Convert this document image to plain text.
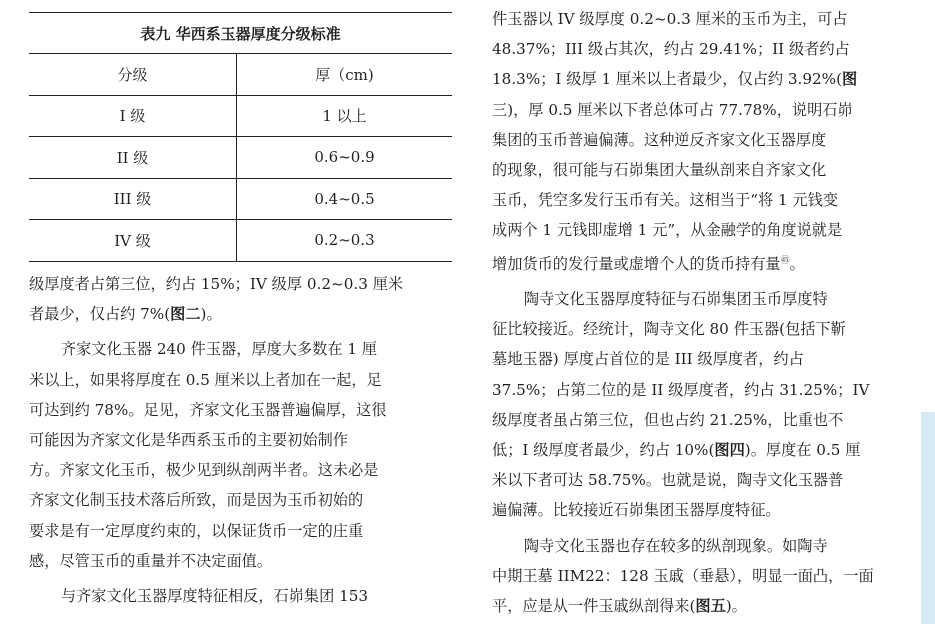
表九 华西系玉器厚度分级标准	
分级	厚（cm)
I 级	1 以上
II 级	0.6~0.9
III 级	0.4~0.5
IV 级	0.2~0.3

级厚度者占第三位，约占 15%；IV 级厚 0.2~0.3 厘米

者最少，仅占约 7%(图二)。

齐家文化玉器 240 件玉器，厚度大多数在 1 厘

米以上，如果将厚度在 0.5 厘米以上者加在一起，足

可达到约 78%。足见，齐家文化玉器普遍偏厚，这很

可能因为齐家文化是华西系玉币的主要初始制作

方。齐家文化玉币，极少见到纵剖两半者。这未必是

齐家文化制玉技术落后所致，而是因为玉币初始的

要求是有一定厚度约束的，以保证货币一定的庄重

感，尽管玉币的重量并不决定面值。

与齐家文化玉器厚度特征相反，石峁集团 153

件玉器以 IV 级厚度 0.2~0.3 厘米的玉币为主，可占

48.37%；III 级占其次，约占 29.41%；II 级者约占

18.3%；I 级厚 1 厘米以上者最少，仅占约 3.92%(图

三)，厚 0.5 厘米以下者总体可占 77.78%，说明石峁

集团的玉币普遍偏薄。这种逆反齐家文化玉器厚度

的现象，很可能与石峁集团大量纵剖来自齐家文化

玉币，凭空多发行玉币有关。这相当于“将 1 元钱变

成两个 1 元钱即虚增 1 元”，从金融学的角度说就是

增加货币的发行量或虚增个人的货币持有量$^㊺$。

陶寺文化玉器厚度特征与石峁集团玉币厚度特

征比较接近。经统计，陶寺文化 80 件玉器(包括下靳

墓地玉器) 厚度占首位的是 III 级厚度者，约占

37.5%；占第二位的是 II 级厚度者，约占 31.25%；IV

级厚度者虽占第三位，但也占约 21.25%，比重也不

低；I 级厚度者最少，约占 10%(图四)。厚度在 0.5 厘

米以下者可达 58.75%。也就是说，陶寺文化玉器普

遍偏薄。比较接近石峁集团玉器厚度特征。

陶寺文化玉器也存在较多的纵剖现象。如陶寺

中期王墓 IIM22：128 玉戚（垂悬），明显一面凸，一面

平，应是从一件玉戚纵剖得来(图五)。
